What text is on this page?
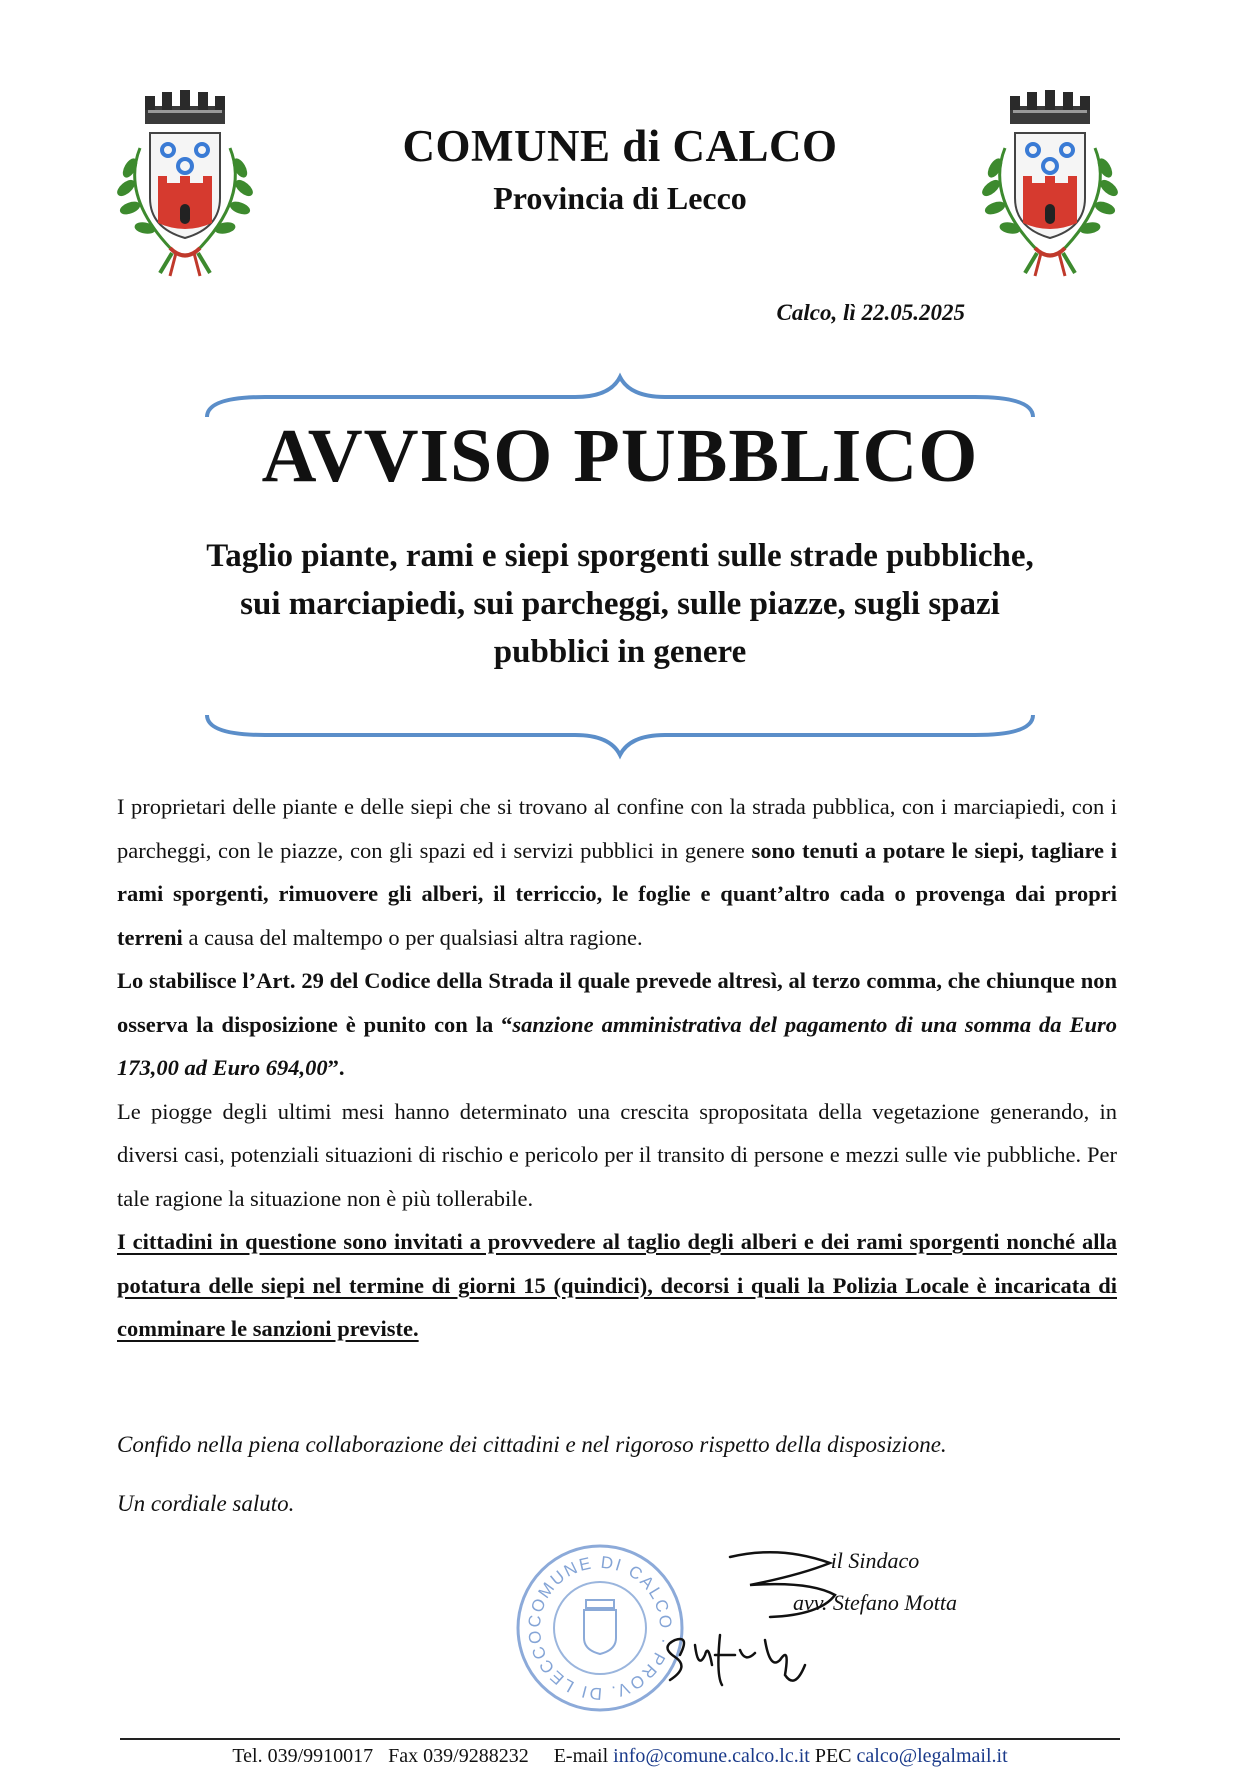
COMUNE di CALCO
Provincia di Lecco
Calco, lì 22.05.2025
AVVISO PUBBLICO
Taglio piante, rami e siepi sporgenti sulle strade pubbliche, sui marciapiedi, sui parcheggi, sulle piazze, sugli spazi pubblici in genere

I proprietari delle piante e delle siepi che si trovano al confine con la strada pubblica, con i marciapiedi, con i parcheggi, con le piazze, con gli spazi ed i servizi pubblici in genere sono tenuti a potare le siepi, tagliare i rami sporgenti, rimuovere gli alberi, il terriccio, le foglie e quant’altro cada o provenga dai propri terreni a causa del maltempo o per qualsiasi altra ragione.

Lo stabilisce l’Art. 29 del Codice della Strada il quale prevede altresì, al terzo comma, che chiunque non osserva la disposizione è punito con la “sanzione amministrativa del pagamento di una somma da Euro 173,00 ad Euro 694,00”.

Le piogge degli ultimi mesi hanno determinato una crescita spropositata della vegetazione generando, in diversi casi, potenziali situazioni di rischio e pericolo per il transito di persone e mezzi sulle vie pubbliche. Per tale ragione la situazione non è più tollerabile.

I cittadini in questione sono invitati a provvedere al taglio degli alberi e dei rami sporgenti nonché alla potatura delle siepi nel termine di giorni 15 (quindici), decorsi i quali la Polizia Locale è incaricata di comminare le sanzioni previste.

Confido nella piena collaborazione dei cittadini e nel rigoroso rispetto della disposizione.

Un cordiale saluto.

COMUNE DI CALCO · PROV. DI LECCO
il Sindaco
avv. Stefano Motta
Tel. 039/9910017 Fax 039/9288232 E-mail info@comune.calco.lc.it PEC calco@legalmail.it
